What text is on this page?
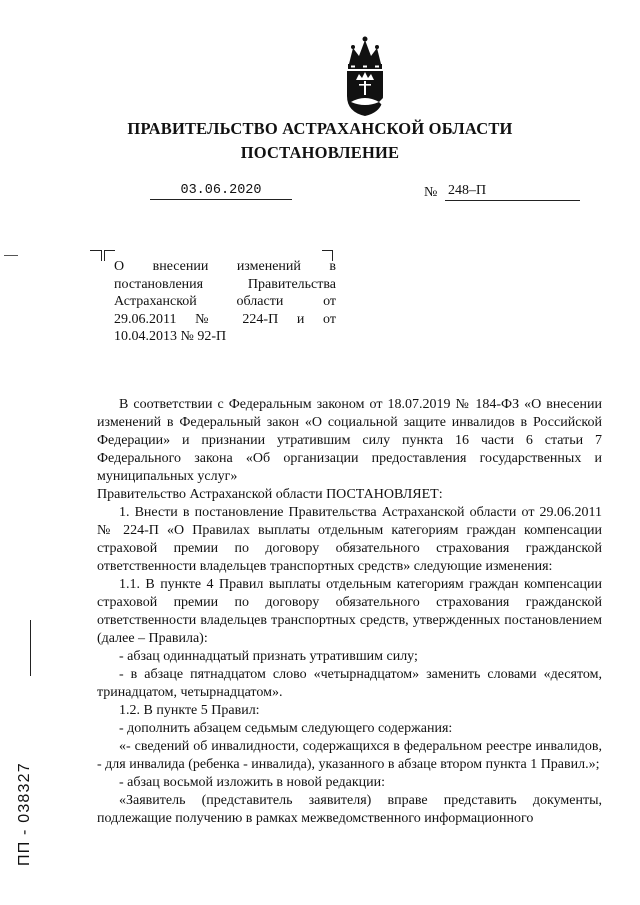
ПРАВИТЕЛЬСТВО АСТРАХАНСКОЙ ОБЛАСТИ
ПОСТАНОВЛЕНИЕ
03.06.2020	№ 248–П
О внесении изменений в
постановления Правительства
Астраханской области от
29.06.2011 № 224-П и от
10.04.2013 № 92-П

В соответствии с Федеральным законом от 18.07.2019 № 184-ФЗ «О внесении изменений в Федеральный закон «О социальной защите инвалидов в Российской Федерации» и признании утратившим силу пункта 16 части 6 статьи 7 Федерального закона «Об организации предоставления государственных и муниципальных услуг»

Правительство Астраханской области ПОСТАНОВЛЯЕТ:

1. Внести в постановление Правительства Астраханской области от 29.06.2011 № 224-П «О Правилах выплаты отдельным категориям граждан компенсации страховой премии по договору обязательного страхования гражданской ответственности владельцев транспортных средств» следующие изменения:

1.1. В пункте 4 Правил выплаты отдельным категориям граждан компенсации страховой премии по договору обязательного страхования гражданской ответственности владельцев транспортных средств, утвержденных постановлением (далее – Правила):

- абзац одиннадцатый признать утратившим силу;

- в абзаце пятнадцатом слово «четырнадцатом» заменить словами «десятом, тринадцатом, четырнадцатом».

1.2. В пункте 5 Правил:

- дополнить абзацем седьмым следующего содержания:

«- сведений об инвалидности, содержащихся в федеральном реестре инвалидов, - для инвалида (ребенка - инвалида), указанного в абзаце втором пункта 1 Правил.»;

- абзац восьмой изложить в новой редакции:

«Заявитель (представитель заявителя) вправе представить документы, подлежащие получению в рамках межведомственного информационного

ПП - 038327
